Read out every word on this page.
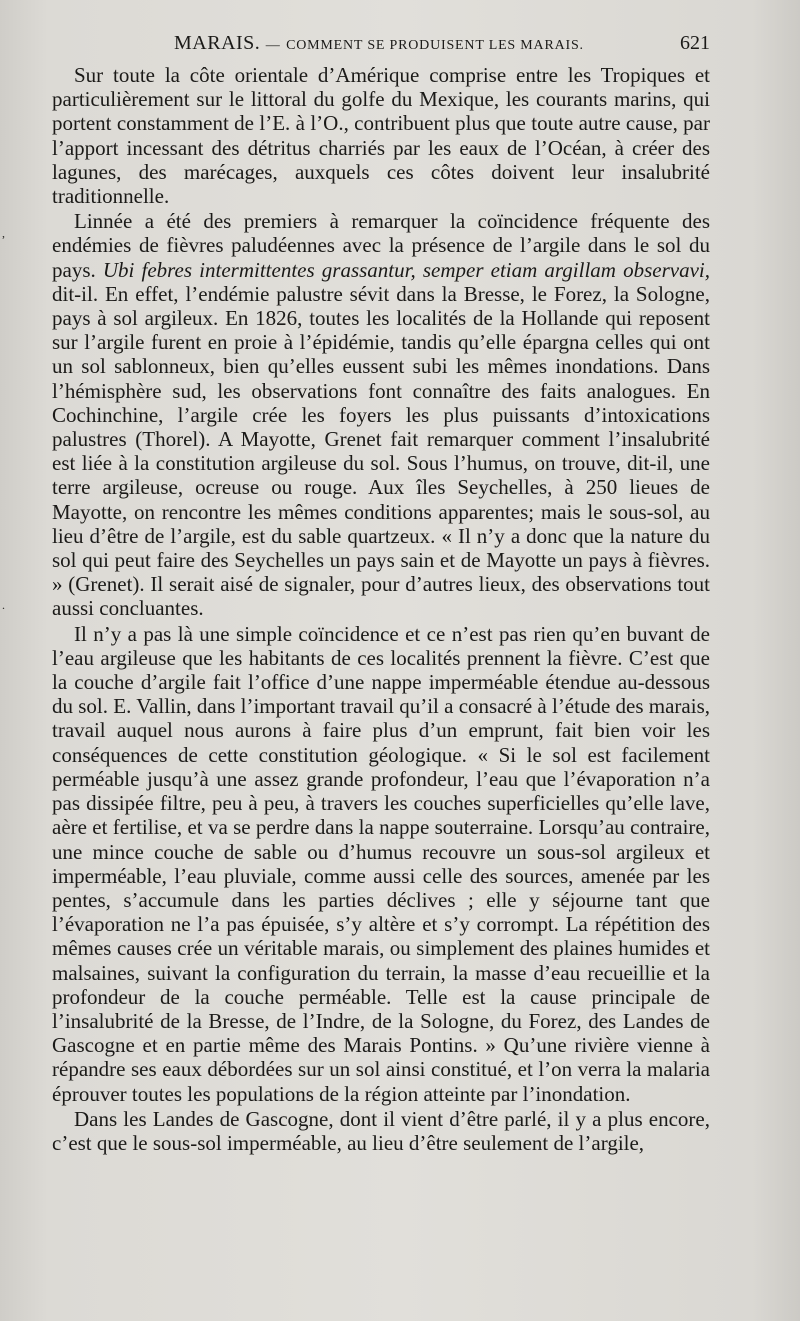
MARAIS. — COMMENT SE PRODUISENT LES MARAIS.	621

Sur toute la côte orientale d’Amérique comprise entre les Tropiques et particulièrement sur le littoral du golfe du Mexique, les courants marins, qui portent constamment de l’E. à l’O., contribuent plus que toute autre cause, par l’apport incessant des détritus charriés par les eaux de l’Océan, à créer des lagunes, des marécages, auxquels ces côtes doivent leur insalubrité traditionnelle.

Linnée a été des premiers à remarquer la coïncidence fréquente des endémies de fièvres paludéennes avec la présence de l’argile dans le sol du pays. Ubi febres intermittentes grassantur, semper etiam argillam observavi, dit-il. En effet, l’endémie palustre sévit dans la Bresse, le Forez, la Sologne, pays à sol argileux. En 1826, toutes les localités de la Hollande qui reposent sur l’argile furent en proie à l’épidémie, tandis qu’elle épargna celles qui ont un sol sablonneux, bien qu’elles eussent subi les mêmes inondations. Dans l’hémisphère sud, les observations font connaître des faits analogues. En Cochinchine, l’argile crée les foyers les plus puissants d’intoxications palustres (Thorel). A Mayotte, Grenet fait remarquer comment l’insalubrité est liée à la constitution argileuse du sol. Sous l’humus, on trouve, dit-il, une terre argileuse, ocreuse ou rouge. Aux îles Seychelles, à 250 lieues de Mayotte, on rencontre les mêmes conditions apparentes; mais le sous-sol, au lieu d’être de l’argile, est du sable quartzeux. « Il n’y a donc que la nature du sol qui peut faire des Seychelles un pays sain et de Mayotte un pays à fièvres. » (Grenet). Il serait aisé de signaler, pour d’autres lieux, des observations tout aussi concluantes.

Il n’y a pas là une simple coïncidence et ce n’est pas rien qu’en buvant de l’eau argileuse que les habitants de ces localités prennent la fièvre. C’est que la couche d’argile fait l’office d’une nappe imperméable étendue au-dessous du sol. E. Vallin, dans l’important travail qu’il a consacré à l’étude des marais, travail auquel nous aurons à faire plus d’un emprunt, fait bien voir les conséquences de cette constitution géologique. « Si le sol est facilement perméable jusqu’à une assez grande profondeur, l’eau que l’évaporation n’a pas dissipée filtre, peu à peu, à travers les couches superficielles qu’elle lave, aère et fertilise, et va se perdre dans la nappe souterraine. Lorsqu’au contraire, une mince couche de sable ou d’humus recouvre un sous-sol argileux et imperméable, l’eau pluviale, comme aussi celle des sources, amenée par les pentes, s’accumule dans les parties déclives ; elle y séjourne tant que l’évaporation ne l’a pas épuisée, s’y altère et s’y corrompt. La répétition des mêmes causes crée un véritable marais, ou simplement des plaines humides et malsaines, suivant la configuration du terrain, la masse d’eau recueillie et la profondeur de la couche perméable. Telle est la cause principale de l’insalubrité de la Bresse, de l’Indre, de la Sologne, du Forez, des Landes de Gascogne et en partie même des Marais Pontins. » Qu’une rivière vienne à répandre ses eaux débordées sur un sol ainsi constitué, et l’on verra la malaria éprouver toutes les populations de la région atteinte par l’inondation.

Dans les Landes de Gascogne, dont il vient d’être parlé, il y a plus encore, c’est que le sous-sol imperméable, au lieu d’être seulement de l’argile,

,
.
